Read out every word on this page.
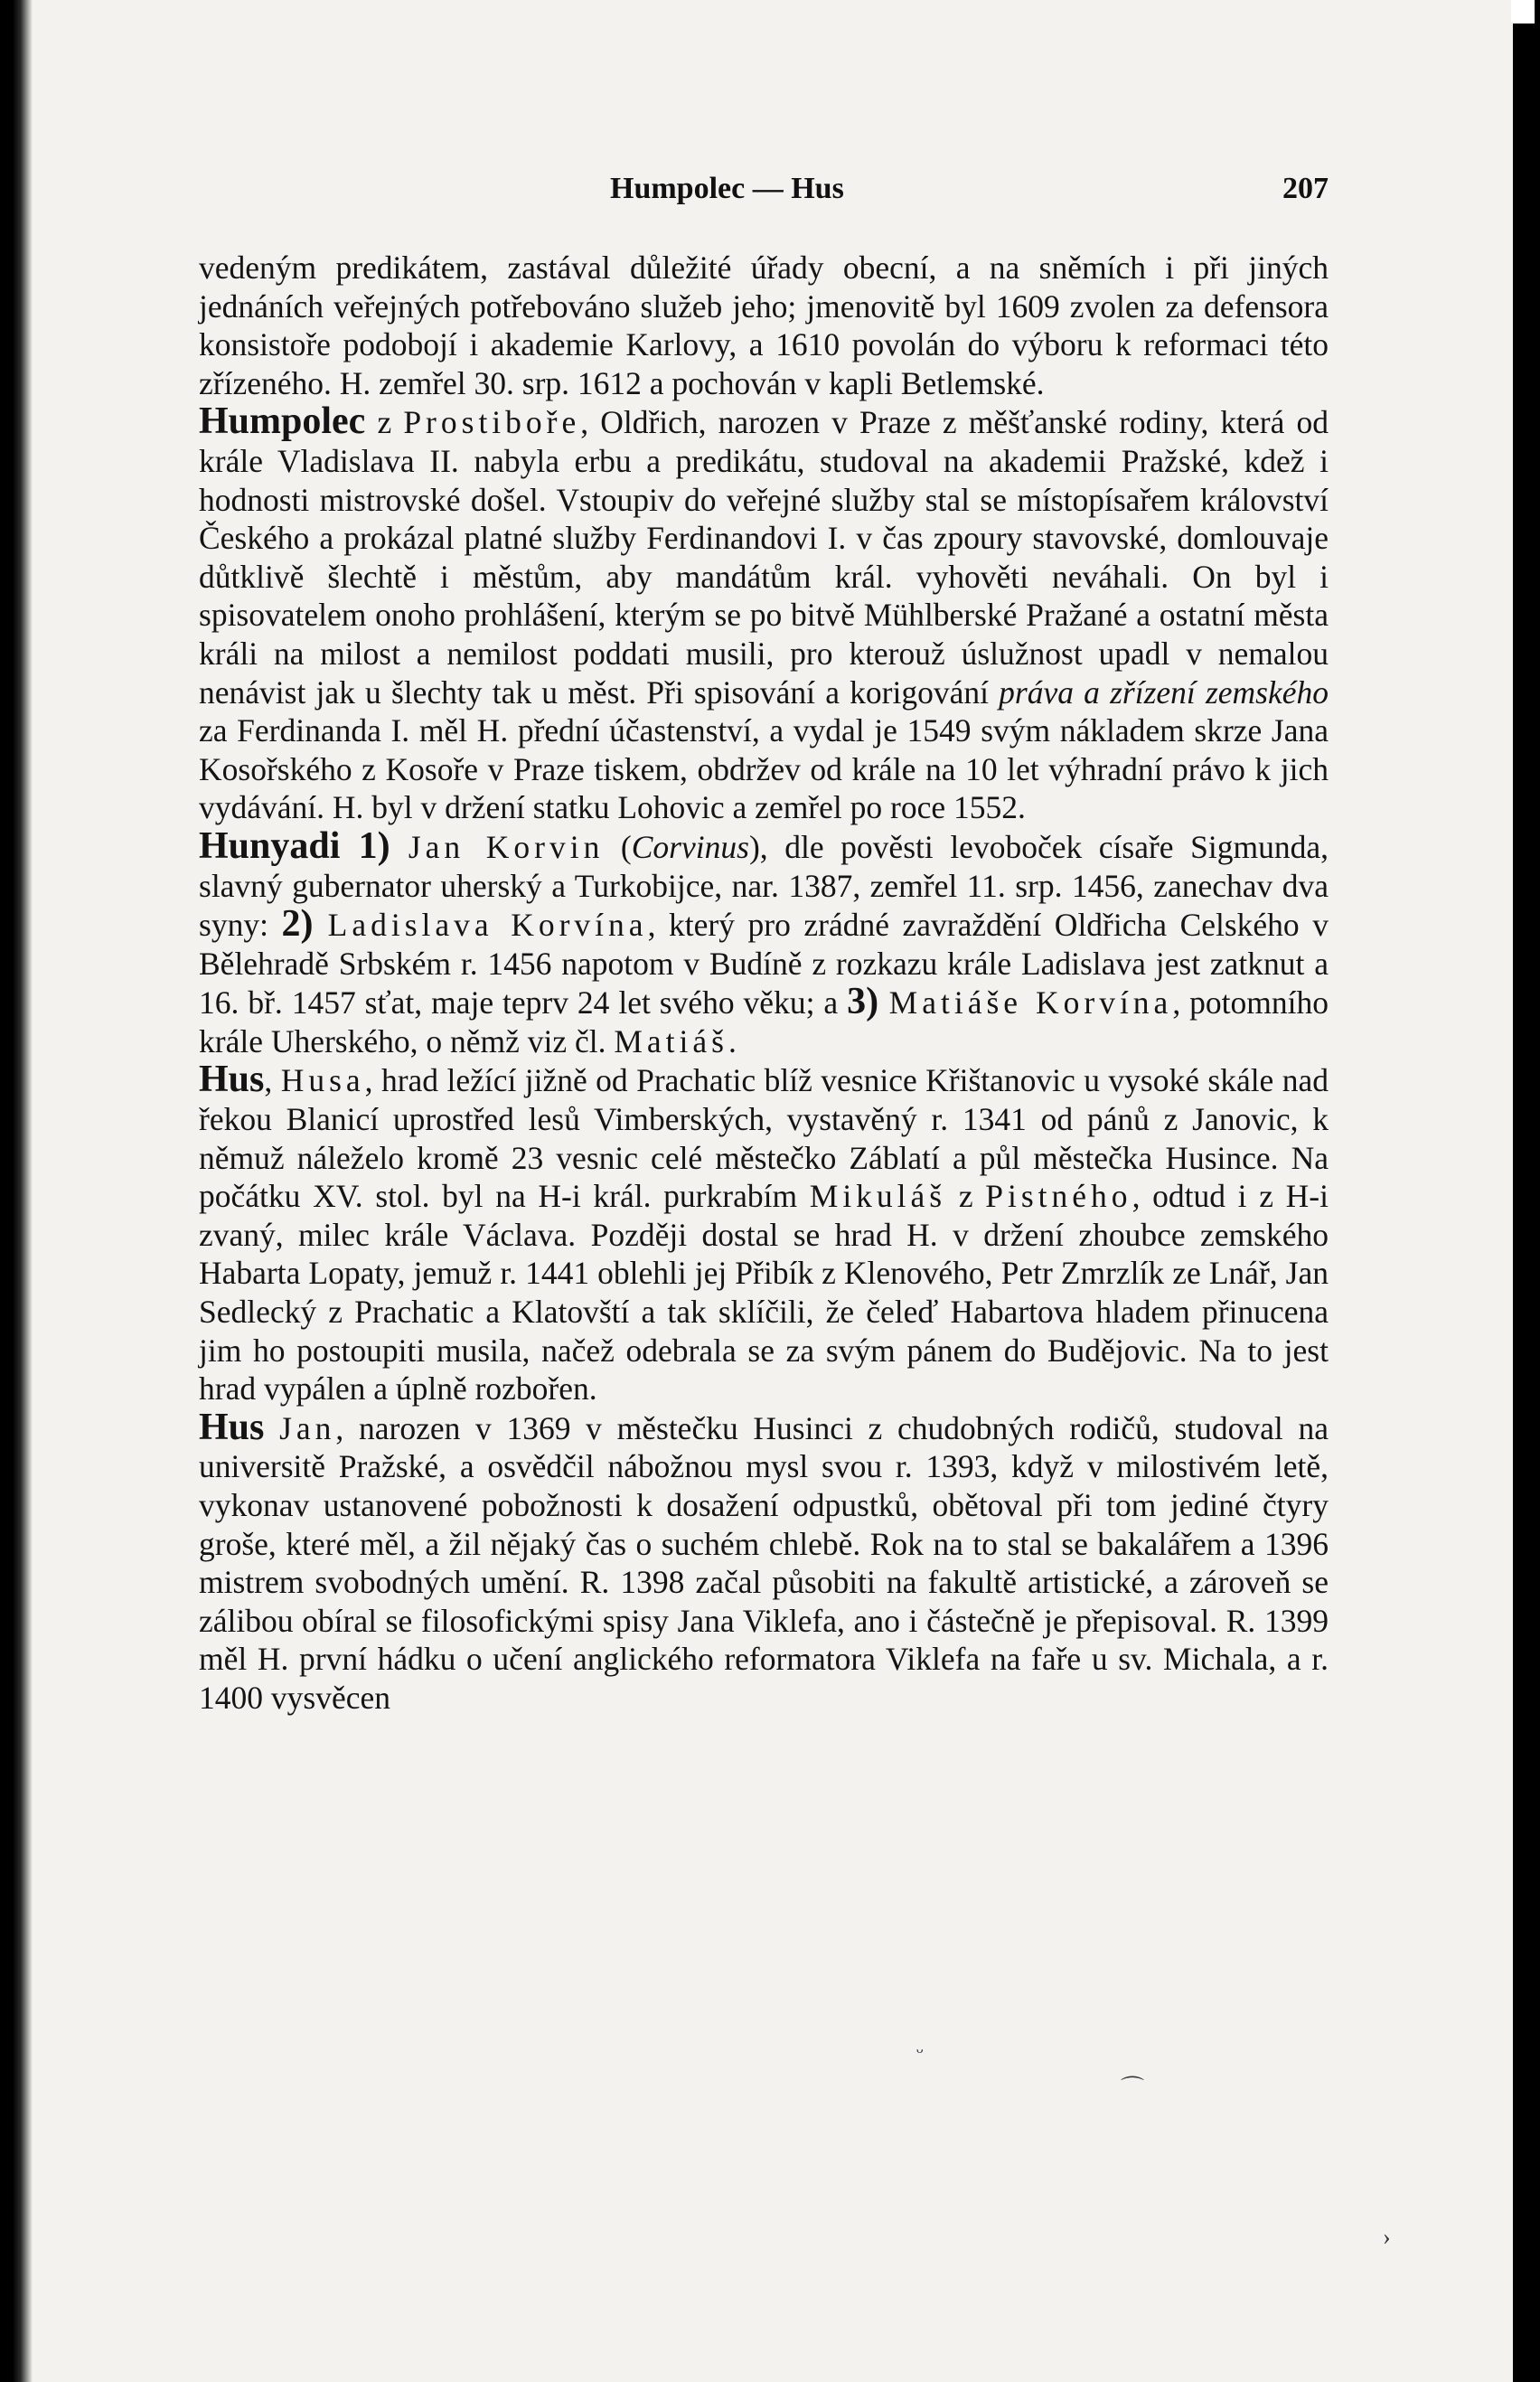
Humpolec — Hus	207

vedeným predikátem, zastával důležité úřady obecní, a na sněmích i při jiných jednáních veřejných potřebováno služeb jeho; jmenovitě byl 1609 zvolen za defensora konsistoře podobojí i akademie Karlovy, a 1610 povolán do výboru k reformaci této zřízeného. H. zemřel 30. srp. 1612 a pochován v kapli Betlemské.

Humpolec z Prostiboře, Oldřich, narozen v Praze z měšťanské rodiny, která od krále Vladislava II. nabyla erbu a predikátu, studoval na akademii Pražské, kdež i hodnosti mistrovské došel. Vstoupiv do veřejné služby stal se místopísařem království Českého a prokázal platné služby Ferdinandovi I. v čas zpoury stavovské, domlouvaje důtklivě šlechtě i městům, aby mandátům král. vyhověti neváhali. On byl i spisovatelem onoho prohlášení, kterým se po bitvě Mühlberské Pražané a ostatní města králi na milost a nemilost poddati musili, pro kterouž úslužnost upadl v nemalou nenávist jak u šlechty tak u měst. Při spisování a korigování práva a zřízení zemského za Ferdinanda I. měl H. přední účastenství, a vydal je 1549 svým nákladem skrze Jana Kosořského z Kosoře v Praze tiskem, obdržev od krále na 10 let výhradní právo k jich vydávání. H. byl v držení statku Lohovic a zemřel po roce 1552.

Hunyadi 1) Jan Korvin (Corvinus), dle pověsti levoboček císaře Sigmunda, slavný gubernator uherský a Turkobijce, nar. 1387, zemřel 11. srp. 1456, zanechav dva syny: 2) Ladislava Korvína, který pro zrádné zavraždění Oldřicha Celského v Bělehradě Srbském r. 1456 napotom v Budíně z rozkazu krále Ladislava jest zatknut a 16. bř. 1457 sťat, maje teprv 24 let svého věku; a 3) Matiáše Korvína, potomního krále Uherského, o němž viz čl. Matiáš.

Hus, Husa, hrad ležící jižně od Prachatic blíž vesnice Křištanovic u vysoké skále nad řekou Blanicí uprostřed lesů Vimberských, vystavěný r. 1341 od pánů z Janovic, k němuž náleželo kromě 23 vesnic celé městečko Záblatí a půl městečka Husince. Na počátku XV. stol. byl na H-i král. purkrabím Mikuláš z Pistného, odtud i z H-i zvaný, milec krále Václava. Později dostal se hrad H. v držení zhoubce zemského Habarta Lopaty, jemuž r. 1441 oblehli jej Přibík z Klenového, Petr Zmrzlík ze Lnář, Jan Sedlecký z Prachatic a Klatovští a tak sklíčili, že čeleď Habartova hladem přinucena jim ho postoupiti musila, načež odebrala se za svým pánem do Budějovic. Na to jest hrad vypálen a úplně rozbořen.

Hus Jan, narozen v 1369 v městečku Husinci z chudobných rodičů, studoval na universitě Pražské, a osvědčil nábožnou mysl svou r. 1393, když v milostivém letě, vykonav ustanovené pobožnosti k dosažení odpustků, obětoval při tom jediné čtyry groše, které měl, a žil nějaký čas o suchém chlebě. Rok na to stal se bakalářem a 1396 mistrem svobodných umění. R. 1398 začal působiti na fakultě artistické, a zároveň se zálibou obíral se filosofickými spisy Jana Viklefa, ano i částečně je přepisoval. R. 1399 měl H. první hádku o učení anglického reformatora Viklefa na faře u sv. Michala, a r. 1400 vysvěcen

ᵕ
⌒
›
